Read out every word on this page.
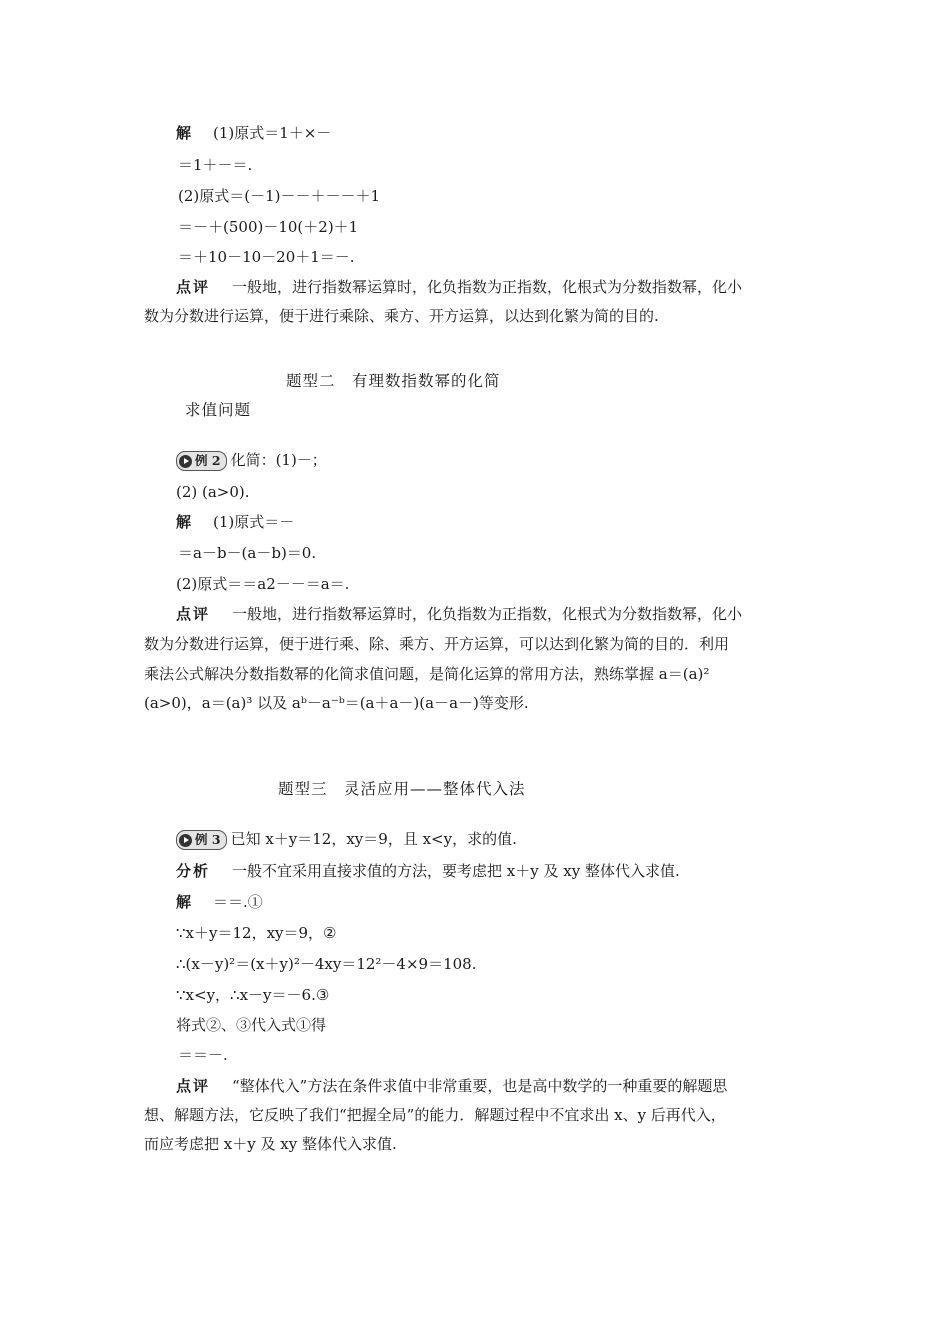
解 (1)原式＝1＋×－
＝1＋－＝.
(2)原式＝(－1)－－＋－－＋1
＝－＋(500)－10(＋2)＋1
＝＋10－10－20＋1＝－.
点评 一般地，进行指数幂运算时，化负指数为正指数，化根式为分数指数幂，化小
数为分数进行运算，便于进行乘除、乘方、开方运算，以达到化繁为简的目的.
题型二　有理数指数幂的化简
求值问题
例 2 化简：(1)－；
(2) (a>0).
解 (1)原式＝－
＝a－b－(a－b)＝0.
(2)原式＝＝a2－－＝a＝.
点评 一般地，进行指数幂运算时，化负指数为正指数，化根式为分数指数幂，化小
数为分数进行运算，便于进行乘、除、乘方、开方运算，可以达到化繁为简的目的．利用
乘法公式解决分数指数幂的化简求值问题，是简化运算的常用方法，熟练掌握 a＝(a)²
(a>0)，a＝(a)³ 以及 aᵇ－a⁻ᵇ＝(a＋a－)(a－a－)等变形.
题型三　灵活应用——整体代入法
例 3 已知 x＋y＝12，xy＝9，且 x<y，求的值.
分析 一般不宜采用直接求值的方法，要考虑把 x＋y 及 xy 整体代入求值.
解 ＝＝.①
∵x＋y＝12，xy＝9，②
∴(x－y)²＝(x＋y)²－4xy＝12²－4×9＝108.
∵x<y，∴x－y＝－6.③
将式②、③代入式①得
＝＝－.
点评 “整体代入”方法在条件求值中非常重要，也是高中数学的一种重要的解题思
想、解题方法，它反映了我们“把握全局”的能力．解题过程中不宜求出 x、y 后再代入，
而应考虑把 x＋y 及 xy 整体代入求值.
